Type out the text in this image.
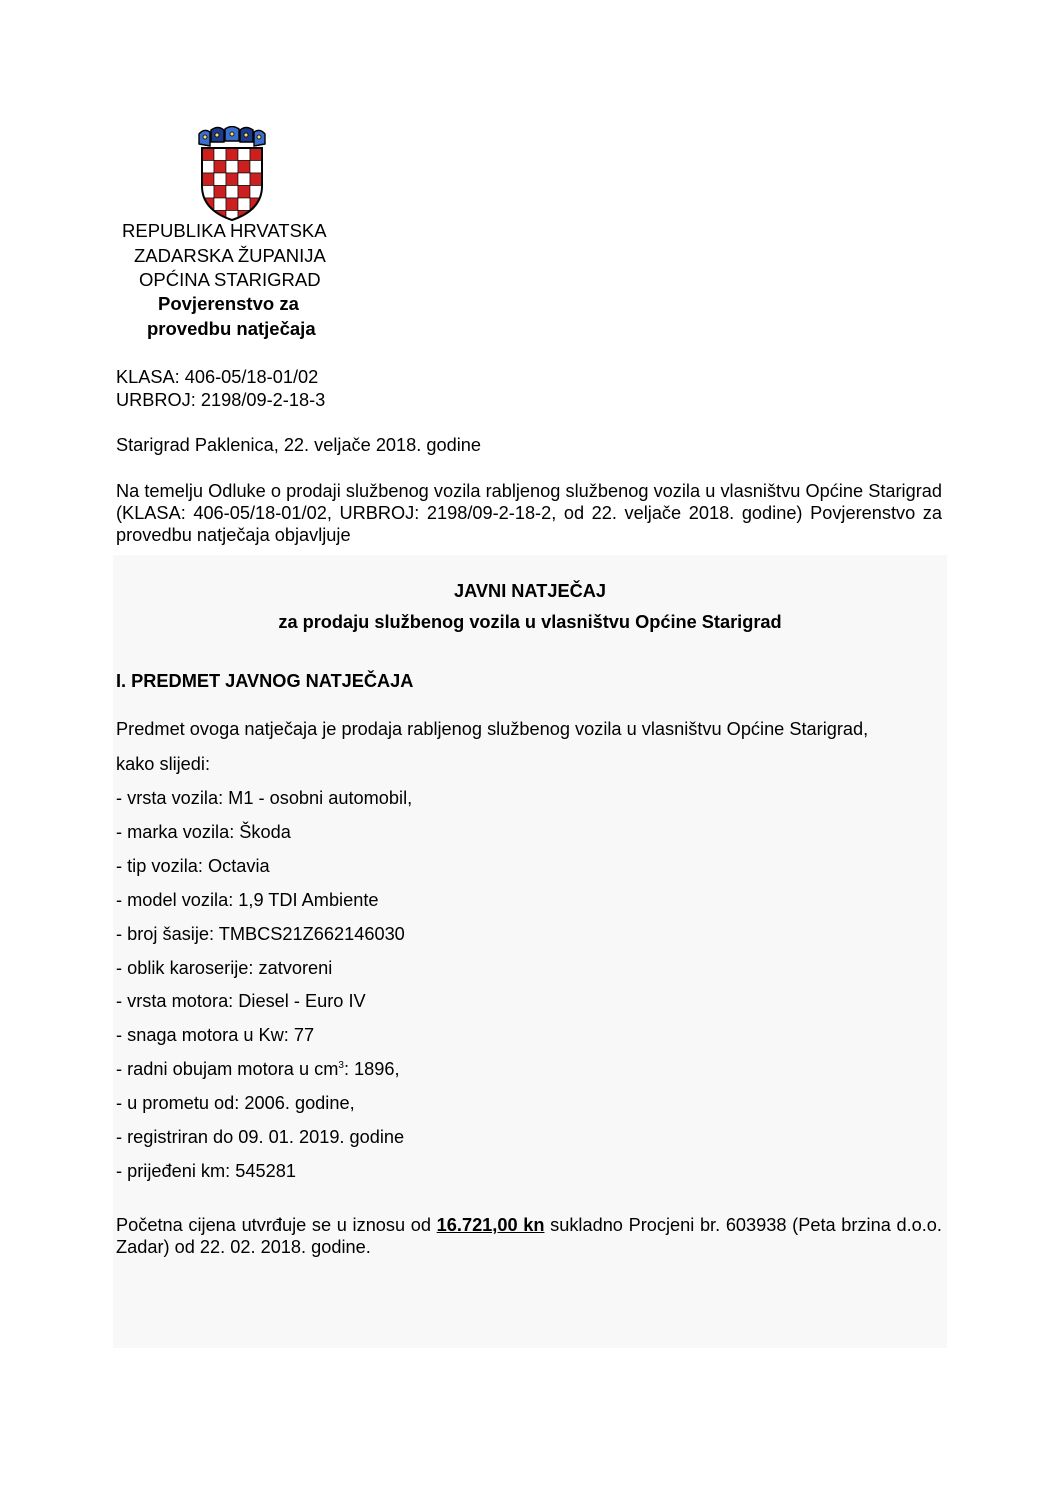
REPUBLIKA HRVATSKA
ZADARSKA ŽUPANIJA
OPĆINA STARIGRAD
Povjerenstvo za
provedbu natječaja
KLASA: 406-05/18-01/02
URBROJ: 2198/09-2-18-3
Starigrad Paklenica, 22. veljače 2018. godine
Na temelju Odluke o prodaji službenog vozila rabljenog službenog vozila u vlasništvu Općine Starigrad (KLASA: 406-05/18-01/02, URBROJ: 2198/09-2-18-2, od 22. veljače 2018. godine) Povjerenstvo za provedbu natječaja objavljuje
JAVNI NATJEČAJ
za prodaju službenog vozila u vlasništvu Općine Starigrad
I. PREDMET JAVNOG NATJEČAJA
Predmet ovoga natječaja je prodaja rabljenog službenog vozila u vlasništvu Općine Starigrad,
kako slijedi:
- vrsta vozila: M1 - osobni automobil,
- marka vozila: Škoda
- tip vozila: Octavia
- model vozila: 1,9 TDI Ambiente
- broj šasije: TMBCS21Z662146030
- oblik karoserije: zatvoreni
- vrsta motora: Diesel - Euro IV
- snaga motora u Kw: 77
- radni obujam motora u $cm^3$: 1896,
- u prometu od: 2006. godine,
- registriran do 09. 01. 2019. godine
- prijeđeni km: 545281
Početna cijena utvrđuje se u iznosu od 16.721,00 kn sukladno Procjeni br. 603938 (Peta brzina d.o.o. Zadar) od 22. 02. 2018. godine.
